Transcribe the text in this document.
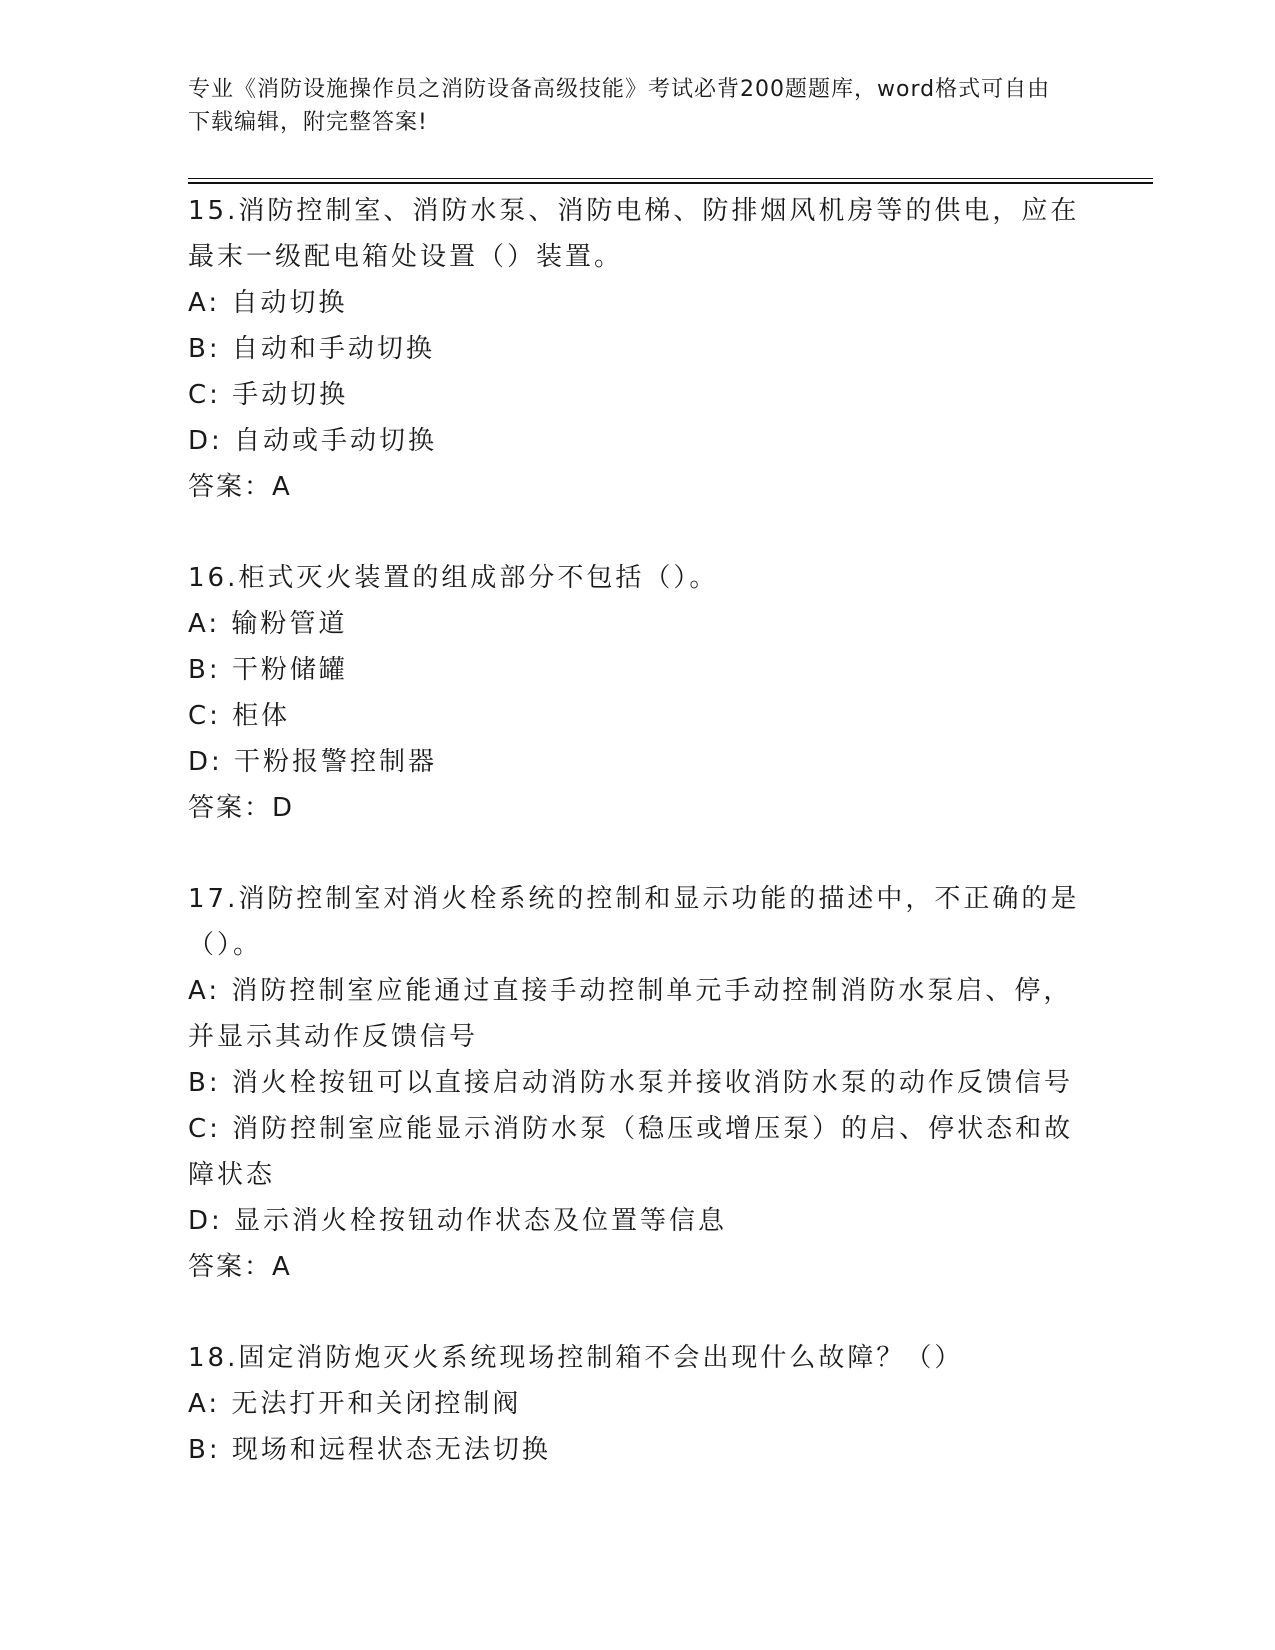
专业《消防设施操作员之消防设备高级技能》考试必背200题题库，word格式可自由下载编辑，附完整答案!
15.消防控制室、消防水泵、消防电梯、防排烟风机房等的供电，应在最末一级配电箱处设置（）装置。
A: 自动切换
B: 自动和手动切换
C: 手动切换
D: 自动或手动切换
答案：A
16.柜式灭火装置的组成部分不包括（）。
A: 输粉管道
B: 干粉储罐
C: 柜体
D: 干粉报警控制器
答案：D
17.消防控制室对消火栓系统的控制和显示功能的描述中，不正确的是（）。
A: 消防控制室应能通过直接手动控制单元手动控制消防水泵启、停，并显示其动作反馈信号
B: 消火栓按钮可以直接启动消防水泵并接收消防水泵的动作反馈信号
C: 消防控制室应能显示消防水泵（稳压或增压泵）的启、停状态和故障状态
D: 显示消火栓按钮动作状态及位置等信息
答案：A
18.固定消防炮灭火系统现场控制箱不会出现什么故障？（）
A: 无法打开和关闭控制阀
B: 现场和远程状态无法切换
